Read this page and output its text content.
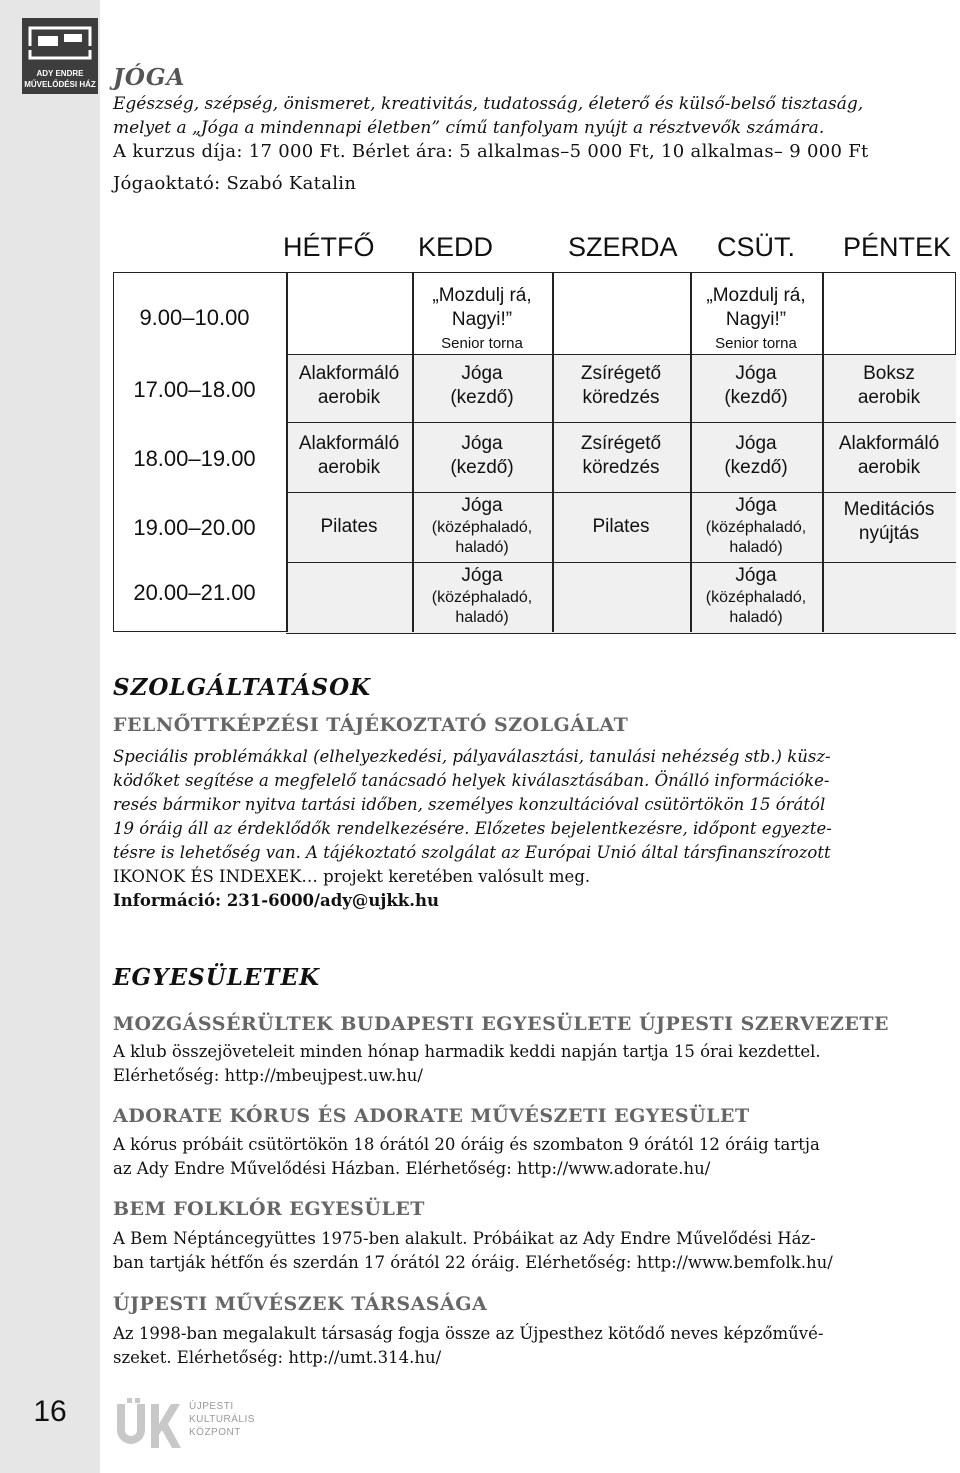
ADY ENDRE
MŰVELŐDÉSI HÁZ
16
JÓGA
Egészség, szépség, önismeret, kreativitás, tudatosság, életerő és külső-belső tisztaság,
melyet a „Jóga a mindennapi életben” című tanfolyam nyújt a résztvevők számára.
A kurzus díja: 17 000 Ft. Bérlet ára: 5 alkalmas–5 000 Ft, 10 alkalmas– 9 000 Ft
Jógaoktató: Szabó Katalin
HÉTFŐ KEDD	SZERDA CSÜT. PÉNTEK
9.00–10.00
17.00–18.00
18.00–19.00
19.00–20.00
20.00–21.00
„Mozdulj rá,
Nagyi!”
Senior torna
„Mozdulj rá,
Nagyi!”
Senior torna
Alakformáló
aerobik
Jóga
(kezdő)
Zsírégető
köredzés
Jóga
(kezdő)
Boksz
aerobik
Alakformáló
aerobik
Jóga
(kezdő)
Zsírégető
köredzés
Jóga
(kezdő)
Alakformáló
aerobik
Pilates
Jóga
(középhaladó,
haladó)
Pilates
Jóga
(középhaladó,
haladó)
Meditációs
nyújtás
Jóga
(középhaladó,
haladó)
Jóga
(középhaladó,
haladó)
SZOLGÁLTATÁSOK
FELNŐTTKÉPZÉSI TÁJÉKOZTATÓ SZOLGÁLAT
Speciális problémákkal (elhelyezkedési, pályaválasztási, tanulási nehézség stb.) küsz-
ködőket segítése a megfelelő tanácsadó helyek kiválasztásában. Önálló információke-
resés bármikor nyitva tartási időben, személyes konzultációval csütörtökön 15 órától
19 óráig áll az érdeklődők rendelkezésére. Előzetes bejelentkezésre, időpont egyezte-
tésre is lehetőség van. A tájékoztató szolgálat az Európai Unió által társfinanszírozott
IKONOK ÉS INDEXEK… projekt keretében valósult meg.
Információ: 231-6000/ady@ujkk.hu
EGYESÜLETEK
MOZGÁSSÉRÜLTEK BUDAPESTI EGYESÜLETE ÚJPESTI SZERVEZETE
A klub összejöveteleit minden hónap harmadik keddi napján tartja 15 órai kezdettel.
Elérhetőség: http://mbeujpest.uw.hu/
ADORATE KÓRUS ÉS ADORATE MŰVÉSZETI EGYESÜLET
A kórus próbáit csütörtökön 18 órától 20 óráig és szombaton 9 órától 12 óráig tartja
az Ady Endre Művelődési Házban. Elérhetőség: http://www.adorate.hu/
BEM FOLKLÓR EGYESÜLET
A Bem Néptáncegyüttes 1975-ben alakult. Próbáikat az Ady Endre Művelődési Ház-
ban tartják hétfőn és szerdán 17 órától 22 óráig. Elérhetőség: http://www.bemfolk.hu/
ÚJPESTI MŰVÉSZEK TÁRSASÁGA
Az 1998-ban megalakult társaság fogja össze az Újpesthez kötődő neves képzőművé-
szeket. Elérhetőség: http://umt.314.hu/
ÚJPESTI
KULTURÁLIS
KÖZPONT
